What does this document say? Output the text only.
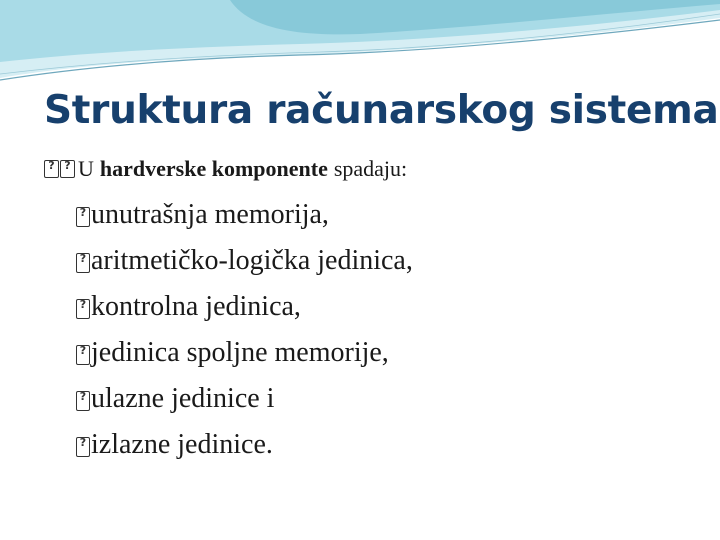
Struktura računarskog sistema
?
?
U hardverske komponente spadaju:
?
unutrašnja memorija,
?
aritmetičko-logička jedinica,
?
kontrolna jedinica,
?
jedinica spoljne memorije,
?
ulazne jedinice i
?
izlazne jedinice.
